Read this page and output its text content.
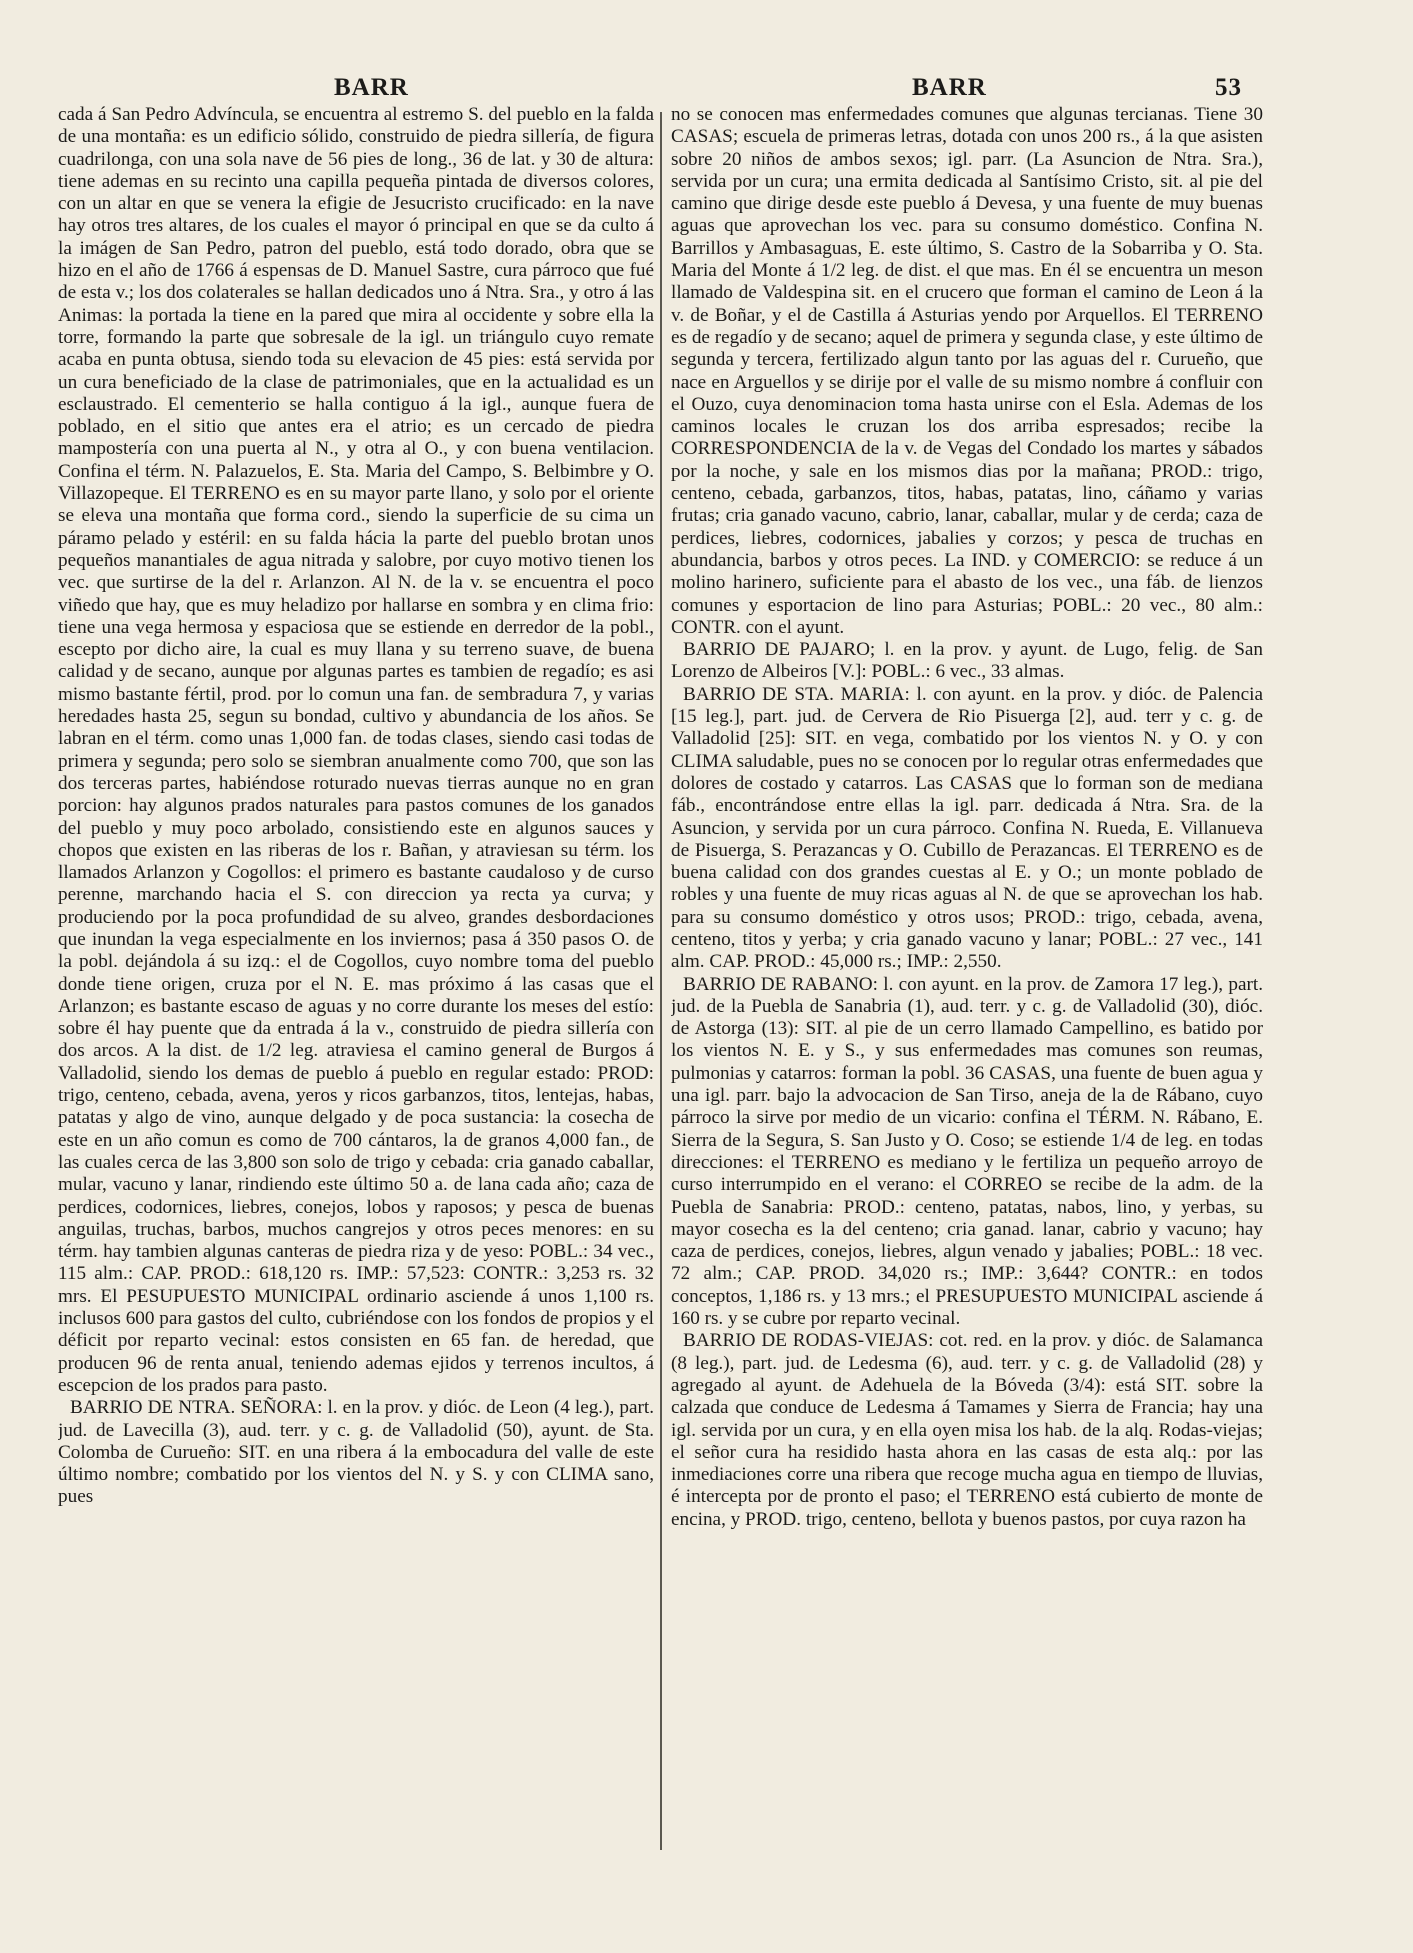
BARR	BARR	53

cada á San Pedro Advíncula, se encuentra al estremo S. del pueblo en la falda de una montaña: es un edificio sólido, construido de piedra sillería, de figura cuadrilonga, con una sola nave de 56 pies de long., 36 de lat. y 30 de altura: tiene ademas en su recinto una capilla pequeña pintada de diversos colores, con un altar en que se venera la efigie de Jesucristo crucificado: en la nave hay otros tres altares, de los cuales el mayor ó principal en que se da culto á la imágen de San Pedro, patron del pueblo, está todo dorado, obra que se hizo en el año de 1766 á espensas de D. Manuel Sastre, cura párroco que fué de esta v.; los dos colaterales se hallan dedicados uno á Ntra. Sra., y otro á las Animas: la portada la tiene en la pared que mira al occidente y sobre ella la torre, formando la parte que sobresale de la igl. un triángulo cuyo remate acaba en punta obtusa, siendo toda su elevacion de 45 pies: está servida por un cura beneficiado de la clase de patrimoniales, que en la actualidad es un esclaustrado. El cementerio se halla contiguo á la igl., aunque fuera de poblado, en el sitio que antes era el atrio; es un cercado de piedra mampostería con una puerta al N., y otra al O., y con buena ventilacion. Confina el térm. N. Palazuelos, E. Sta. Maria del Campo, S. Belbimbre y O. Villazopeque. El TERRENO es en su mayor parte llano, y solo por el oriente se eleva una montaña que forma cord., siendo la superficie de su cima un páramo pelado y estéril: en su falda hácia la parte del pueblo brotan unos pequeños manantiales de agua nitrada y salobre, por cuyo motivo tienen los vec. que surtirse de la del r. Arlanzon. Al N. de la v. se encuentra el poco viñedo que hay, que es muy heladizo por hallarse en sombra y en clima frio: tiene una vega hermosa y espaciosa que se estiende en derredor de la pobl., escepto por dicho aire, la cual es muy llana y su terreno suave, de buena calidad y de secano, aunque por algunas partes es tambien de regadío; es asi mismo bastante fértil, prod. por lo comun una fan. de sembradura 7, y varias heredades hasta 25, segun su bondad, cultivo y abundancia de los años. Se labran en el térm. como unas 1,000 fan. de todas clases, siendo casi todas de primera y segunda; pero solo se siembran anualmente como 700, que son las dos terceras partes, habiéndose roturado nuevas tierras aunque no en gran porcion: hay algunos prados naturales para pastos comunes de los ganados del pueblo y muy poco arbolado, consistiendo este en algunos sauces y chopos que existen en las riberas de los r. Bañan, y atraviesan su térm. los llamados Arlanzon y Cogollos: el primero es bastante caudaloso y de curso perenne, marchando hacia el S. con direccion ya recta ya curva; y produciendo por la poca profundidad de su alveo, grandes desbordaciones que inundan la vega especialmente en los inviernos; pasa á 350 pasos O. de la pobl. dejándola á su izq.: el de Cogollos, cuyo nombre toma del pueblo donde tiene origen, cruza por el N. E. mas próximo á las casas que el Arlanzon; es bastante escaso de aguas y no corre durante los meses del estío: sobre él hay puente que da entrada á la v., construido de piedra sillería con dos arcos. A la dist. de 1/2 leg. atraviesa el camino general de Burgos á Valladolid, siendo los demas de pueblo á pueblo en regular estado: PROD: trigo, centeno, cebada, avena, yeros y ricos garbanzos, titos, lentejas, habas, patatas y algo de vino, aunque delgado y de poca sustancia: la cosecha de este en un año comun es como de 700 cántaros, la de granos 4,000 fan., de las cuales cerca de las 3,800 son solo de trigo y cebada: cria ganado caballar, mular, vacuno y lanar, rindiendo este último 50 a. de lana cada año; caza de perdices, codornices, liebres, conejos, lobos y raposos; y pesca de buenas anguilas, truchas, barbos, muchos cangrejos y otros peces menores: en su térm. hay tambien algunas canteras de piedra riza y de yeso: POBL.: 34 vec., 115 alm.: CAP. PROD.: 618,120 rs. IMP.: 57,523: CONTR.: 3,253 rs. 32 mrs. El PESUPUESTO MUNICIPAL ordinario asciende á unos 1,100 rs. inclusos 600 para gastos del culto, cubriéndose con los fondos de propios y el déficit por reparto vecinal: estos consisten en 65 fan. de heredad, que producen 96 de renta anual, teniendo ademas ejidos y terrenos incultos, á escepcion de los prados para pasto.

BARRIO DE NTRA. SEÑORA: l. en la prov. y dióc. de Leon (4 leg.), part. jud. de Lavecilla (3), aud. terr. y c. g. de Valladolid (50), ayunt. de Sta. Colomba de Curueño: SIT. en una ribera á la embocadura del valle de este último nombre; combatido por los vientos del N. y S. y con CLIMA sano, pues

no se conocen mas enfermedades comunes que algunas tercianas. Tiene 30 CASAS; escuela de primeras letras, dotada con unos 200 rs., á la que asisten sobre 20 niños de ambos sexos; igl. parr. (La Asuncion de Ntra. Sra.), servida por un cura; una ermita dedicada al Santísimo Cristo, sit. al pie del camino que dirige desde este pueblo á Devesa, y una fuente de muy buenas aguas que aprovechan los vec. para su consumo doméstico. Confina N. Barrillos y Ambasaguas, E. este último, S. Castro de la Sobarriba y O. Sta. Maria del Monte á 1/2 leg. de dist. el que mas. En él se encuentra un meson llamado de Valdespina sit. en el crucero que forman el camino de Leon á la v. de Boñar, y el de Castilla á Asturias yendo por Arquellos. El TERRENO es de regadío y de secano; aquel de primera y segunda clase, y este último de segunda y tercera, fertilizado algun tanto por las aguas del r. Curueño, que nace en Arguellos y se dirije por el valle de su mismo nombre á confluir con el Ouzo, cuya denominacion toma hasta unirse con el Esla. Ademas de los caminos locales le cruzan los dos arriba espresados; recibe la CORRESPONDENCIA de la v. de Vegas del Condado los martes y sábados por la noche, y sale en los mismos dias por la mañana; PROD.: trigo, centeno, cebada, garbanzos, titos, habas, patatas, lino, cáñamo y varias frutas; cria ganado vacuno, cabrio, lanar, caballar, mular y de cerda; caza de perdices, liebres, codornices, jabalies y corzos; y pesca de truchas en abundancia, barbos y otros peces. La IND. y COMERCIO: se reduce á un molino harinero, suficiente para el abasto de los vec., una fáb. de lienzos comunes y esportacion de lino para Asturias; POBL.: 20 vec., 80 alm.: CONTR. con el ayunt.

BARRIO DE PAJARO; l. en la prov. y ayunt. de Lugo, felig. de San Lorenzo de Albeiros [V.]: POBL.: 6 vec., 33 almas.

BARRIO DE STA. MARIA: l. con ayunt. en la prov. y dióc. de Palencia [15 leg.], part. jud. de Cervera de Rio Pisuerga [2], aud. terr y c. g. de Valladolid [25]: SIT. en vega, combatido por los vientos N. y O. y con CLIMA saludable, pues no se conocen por lo regular otras enfermedades que dolores de costado y catarros. Las CASAS que lo forman son de mediana fáb., encontrándose entre ellas la igl. parr. dedicada á Ntra. Sra. de la Asuncion, y servida por un cura párroco. Confina N. Rueda, E. Villanueva de Pisuerga, S. Perazancas y O. Cubillo de Perazancas. El TERRENO es de buena calidad con dos grandes cuestas al E. y O.; un monte poblado de robles y una fuente de muy ricas aguas al N. de que se aprovechan los hab. para su consumo doméstico y otros usos; PROD.: trigo, cebada, avena, centeno, titos y yerba; y cria ganado vacuno y lanar; POBL.: 27 vec., 141 alm. CAP. PROD.: 45,000 rs.; IMP.: 2,550.

BARRIO DE RABANO: l. con ayunt. en la prov. de Zamora 17 leg.), part. jud. de la Puebla de Sanabria (1), aud. terr. y c. g. de Valladolid (30), dióc. de Astorga (13): SIT. al pie de un cerro llamado Campellino, es batido por los vientos N. E. y S., y sus enfermedades mas comunes son reumas, pulmonias y catarros: forman la pobl. 36 CASAS, una fuente de buen agua y una igl. parr. bajo la advocacion de San Tirso, aneja de la de Rábano, cuyo párroco la sirve por medio de un vicario: confina el TÉRM. N. Rábano, E. Sierra de la Segura, S. San Justo y O. Coso; se estiende 1/4 de leg. en todas direcciones: el TERRENO es mediano y le fertiliza un pequeño arroyo de curso interrumpido en el verano: el CORREO se recibe de la adm. de la Puebla de Sanabria: PROD.: centeno, patatas, nabos, lino, y yerbas, su mayor cosecha es la del centeno; cria ganad. lanar, cabrio y vacuno; hay caza de perdices, conejos, liebres, algun venado y jabalies; POBL.: 18 vec. 72 alm.; CAP. PROD. 34,020 rs.; IMP.: 3,644? CONTR.: en todos conceptos, 1,186 rs. y 13 mrs.; el PRESUPUESTO MUNICIPAL asciende á 160 rs. y se cubre por reparto vecinal.

BARRIO DE RODAS-VIEJAS: cot. red. en la prov. y dióc. de Salamanca (8 leg.), part. jud. de Ledesma (6), aud. terr. y c. g. de Valladolid (28) y agregado al ayunt. de Adehuela de la Bóveda (3/4): está SIT. sobre la calzada que conduce de Ledesma á Tamames y Sierra de Francia; hay una igl. servida por un cura, y en ella oyen misa los hab. de la alq. Rodas-viejas; el señor cura ha residido hasta ahora en las casas de esta alq.: por las inmediaciones corre una ribera que recoge mucha agua en tiempo de lluvias, é intercepta por de pronto el paso; el TERRENO está cubierto de monte de encina, y PROD. trigo, centeno, bellota y buenos pastos, por cuya razon ha
